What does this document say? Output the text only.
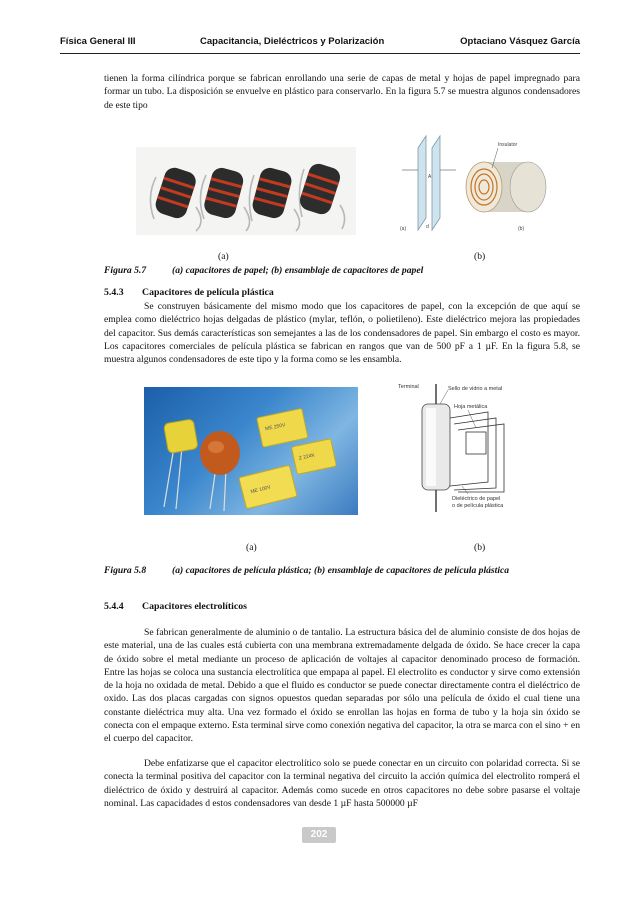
Física General III	Capacitancia, Dieléctricos y Polarización	Optaciano Vásquez García
tienen la forma cilíndrica porque se fabrican enrollando una serie de capas de metal y hojas de papel impregnado para formar un tubo. La disposición se envuelve en plástico para conservarlo. En la figura 5.7 se muestra algunos condensadores de este tipo
A
d
(a)
Insulator
(b)
(a)	(b)
Figura 5.7	(a) capacitores de papel; (b) ensamblaje de capacitores de papel
5.4.3 Capacitores de película plástica
Se construyen básicamente del mismo modo que los capacitores de papel, con la excepción de que aquí se emplea como dieléctrico hojas delgadas de plástico (mylar, teflón, o polietileno). Este dieléctrico mejora las propiedades del capacitor. Sus demás características son semejantes a las de los condensadores de papel. Sin embargo el costo es mayor. Los capacitores comerciales de película plástica se fabrican en rangos que van de 500 pF a 1 µF. En la figura 5.8, se muestra algunos condensadores de este tipo y la forma como se les ensambla.
ME 250V
Z 224K
ME 100V
Terminal	Sello de vidrio a metal
Hoja metálica
Dieléctrico de papel
o de película plástica
(a)	(b)
Figura 5.8	(a) capacitores de película plástica; (b) ensamblaje de capacitores de película plástica
5.4.4 Capacitores electrolíticos
Se fabrican generalmente de aluminio o de tantalio. La estructura básica del de aluminio consiste de dos hojas de este material, una de las cuales está cubierta con una membrana extremadamente delgada de óxido. Se hace crecer la capa de óxido sobre el metal mediante un proceso de aplicación de voltajes al capacitor denominado proceso de formación. Entre las hojas se coloca una sustancia electrolítica que empapa al papel. El electrolito es conductor y sirve como extensión de la hoja no oxidada de metal. Debido a que el fluido es conductor se puede conectar directamente contra el dieléctrico de oxido. Las dos placas cargadas con signos opuestos quedan separadas por sólo una película de óxido el cual tiene una constante dieléctrica muy alta. Una vez formado el óxido se enrollan las hojas en forma de tubo y la hoja sin óxido se conecta con el empaque externo. Esta terminal sirve como conexión negativa del capacitor, la otra se marca con el sino + en el cuerpo del capacitor.
Debe enfatizarse que el capacitor electrolítico solo se puede conectar en un circuito con polaridad correcta. Si se conecta la terminal positiva del capacitor con la terminal negativa del circuito la acción química del electrolito romperá el dieléctrico de óxido y destruirá al capacitor. Además como sucede en otros capacitores no debe sobre pasarse el voltaje nominal. Las capacidades d estos condensadores van desde 1 µF hasta 500000 µF
202
